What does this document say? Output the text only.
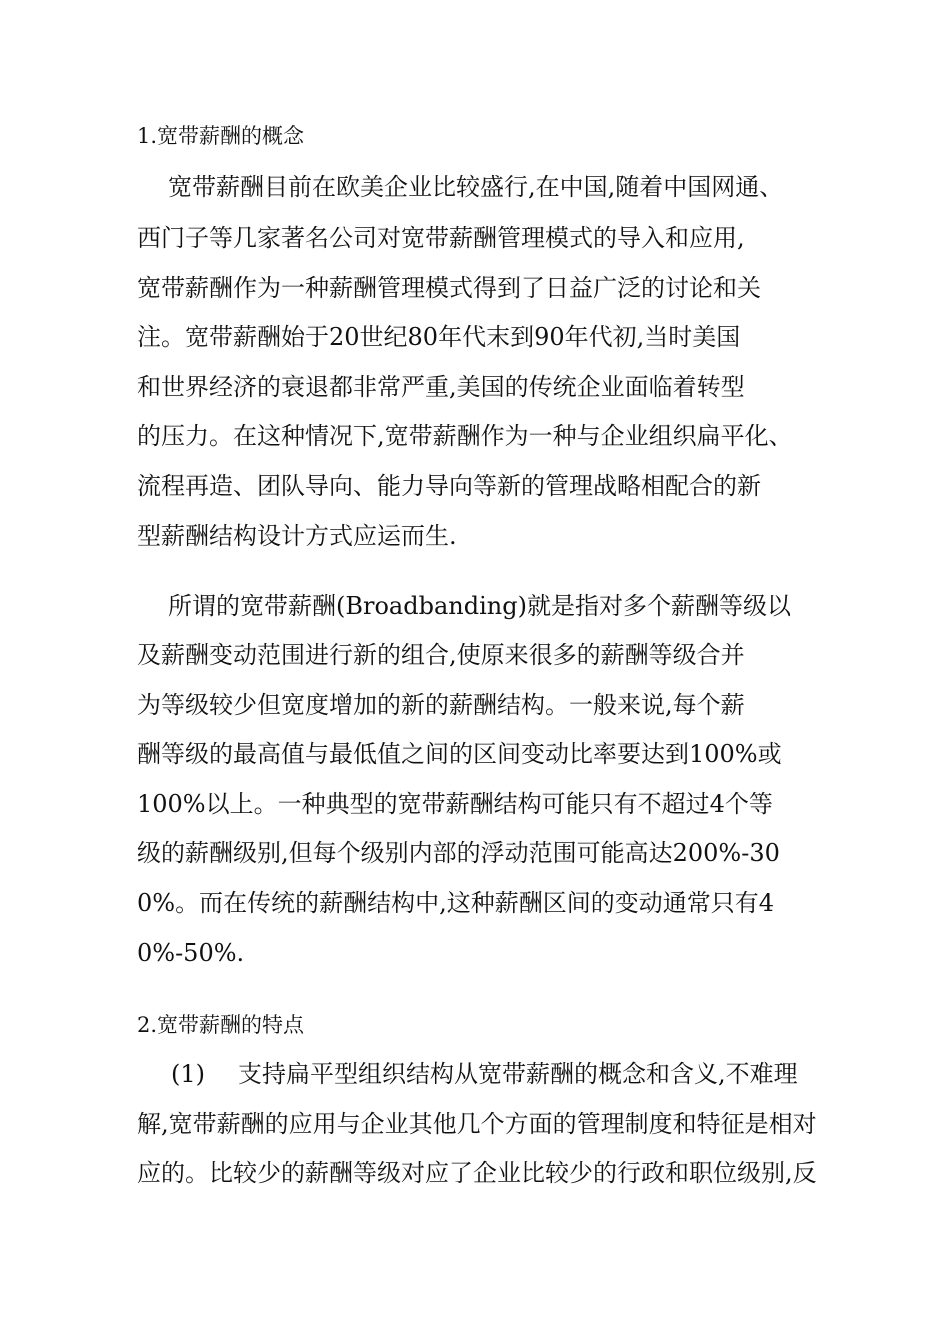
1.宽带薪酬的概念
宽带薪酬目前在欧美企业比较盛行,在中国,随着中国网通、
西门子等几家著名公司对宽带薪酬管理模式的导入和应用,
宽带薪酬作为一种薪酬管理模式得到了日益广泛的讨论和关
注。宽带薪酬始于20世纪80年代末到90年代初,当时美国
和世界经济的衰退都非常严重,美国的传统企业面临着转型
的压力。在这种情况下,宽带薪酬作为一种与企业组织扁平化、
流程再造、团队导向、能力导向等新的管理战略相配合的新
型薪酬结构设计方式应运而生.
所谓的宽带薪酬(Broadbanding)就是指对多个薪酬等级以
及薪酬变动范围进行新的组合,使原来很多的薪酬等级合并
为等级较少但宽度增加的新的薪酬结构。一般来说,每个薪
酬等级的最高值与最低值之间的区间变动比率要达到100%或
100%以上。一种典型的宽带薪酬结构可能只有不超过4个等
级的薪酬级别,但每个级别内部的浮动范围可能高达200%-30
0%。而在传统的薪酬结构中,这种薪酬区间的变动通常只有4
0%-50%.
2.宽带薪酬的特点
(1) 支持扁平型组织结构从宽带薪酬的概念和含义,不难理
解,宽带薪酬的应用与企业其他几个方面的管理制度和特征是相对
应的。比较少的薪酬等级对应了企业比较少的行政和职位级别,反
